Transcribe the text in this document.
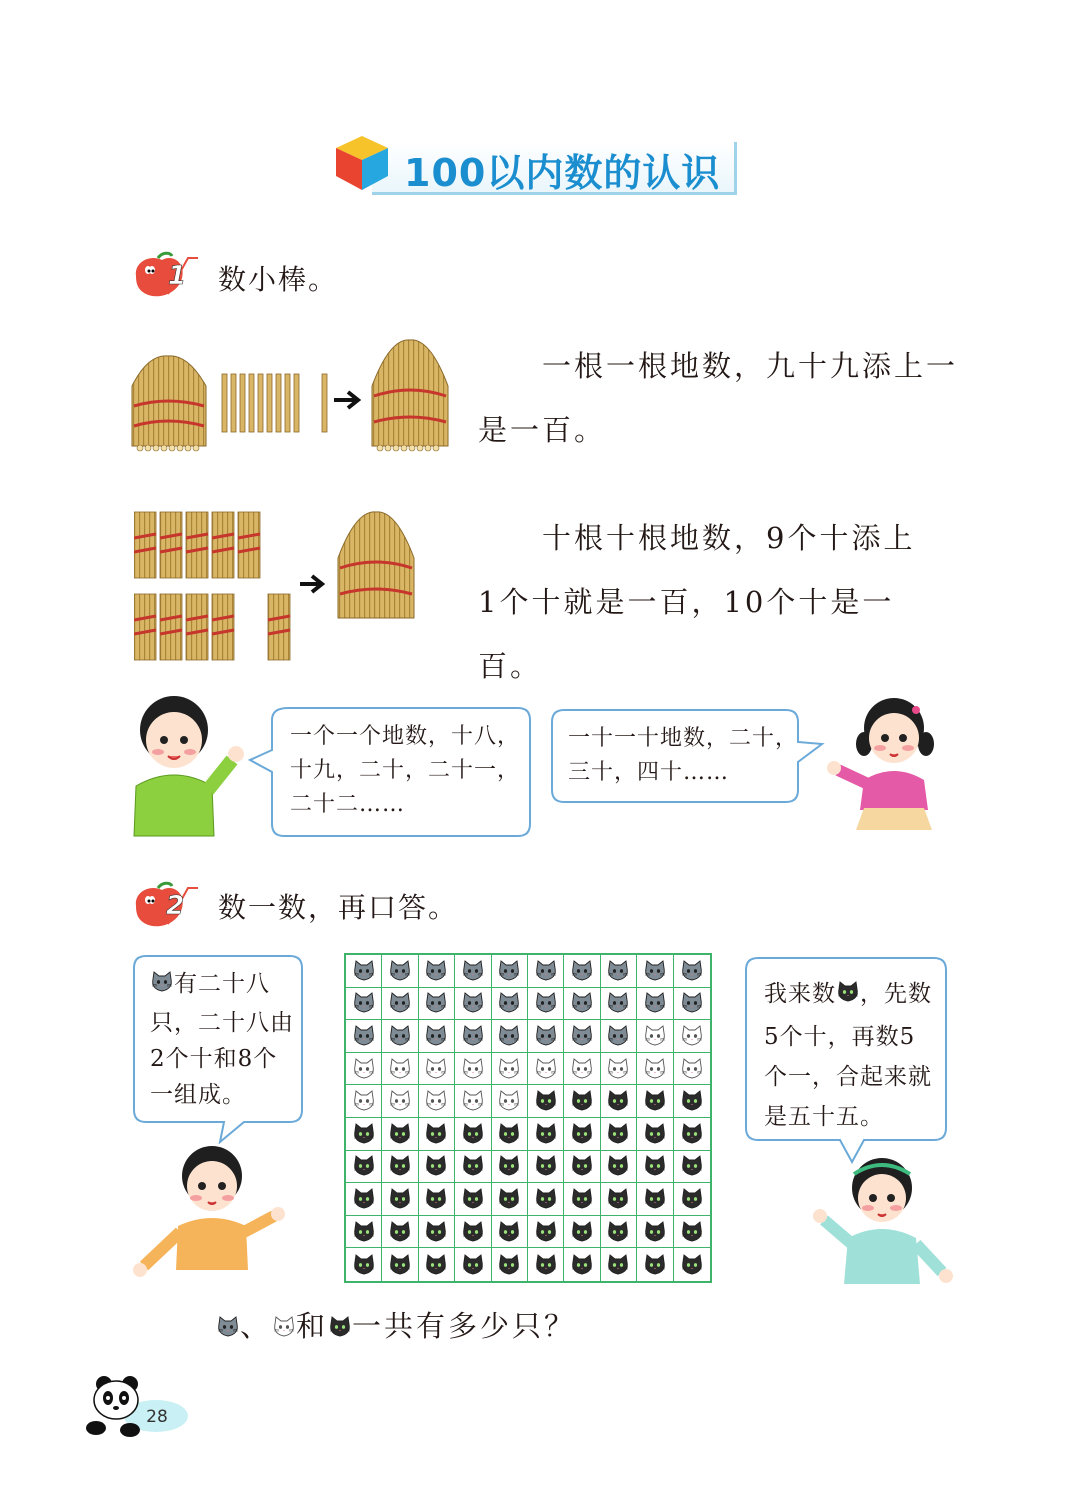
100以内数的认识
1 数小棒。
一根一根地数，九十九添上一
是一百。
十根十根地数，9个十添上
1个十就是一百，10个十是一百。
一个一个地数，十八，
十九，二十，二十一，
二十二……
一十一十地数，二十，
三十，四十……
2 数一数，再口答。
有二十八
只，二十八由
2个十和8个
一组成。
我来数 ，先数
5个十，再数5
个一，合起来就
是五十五。
、 和 一共有多少只？
28
